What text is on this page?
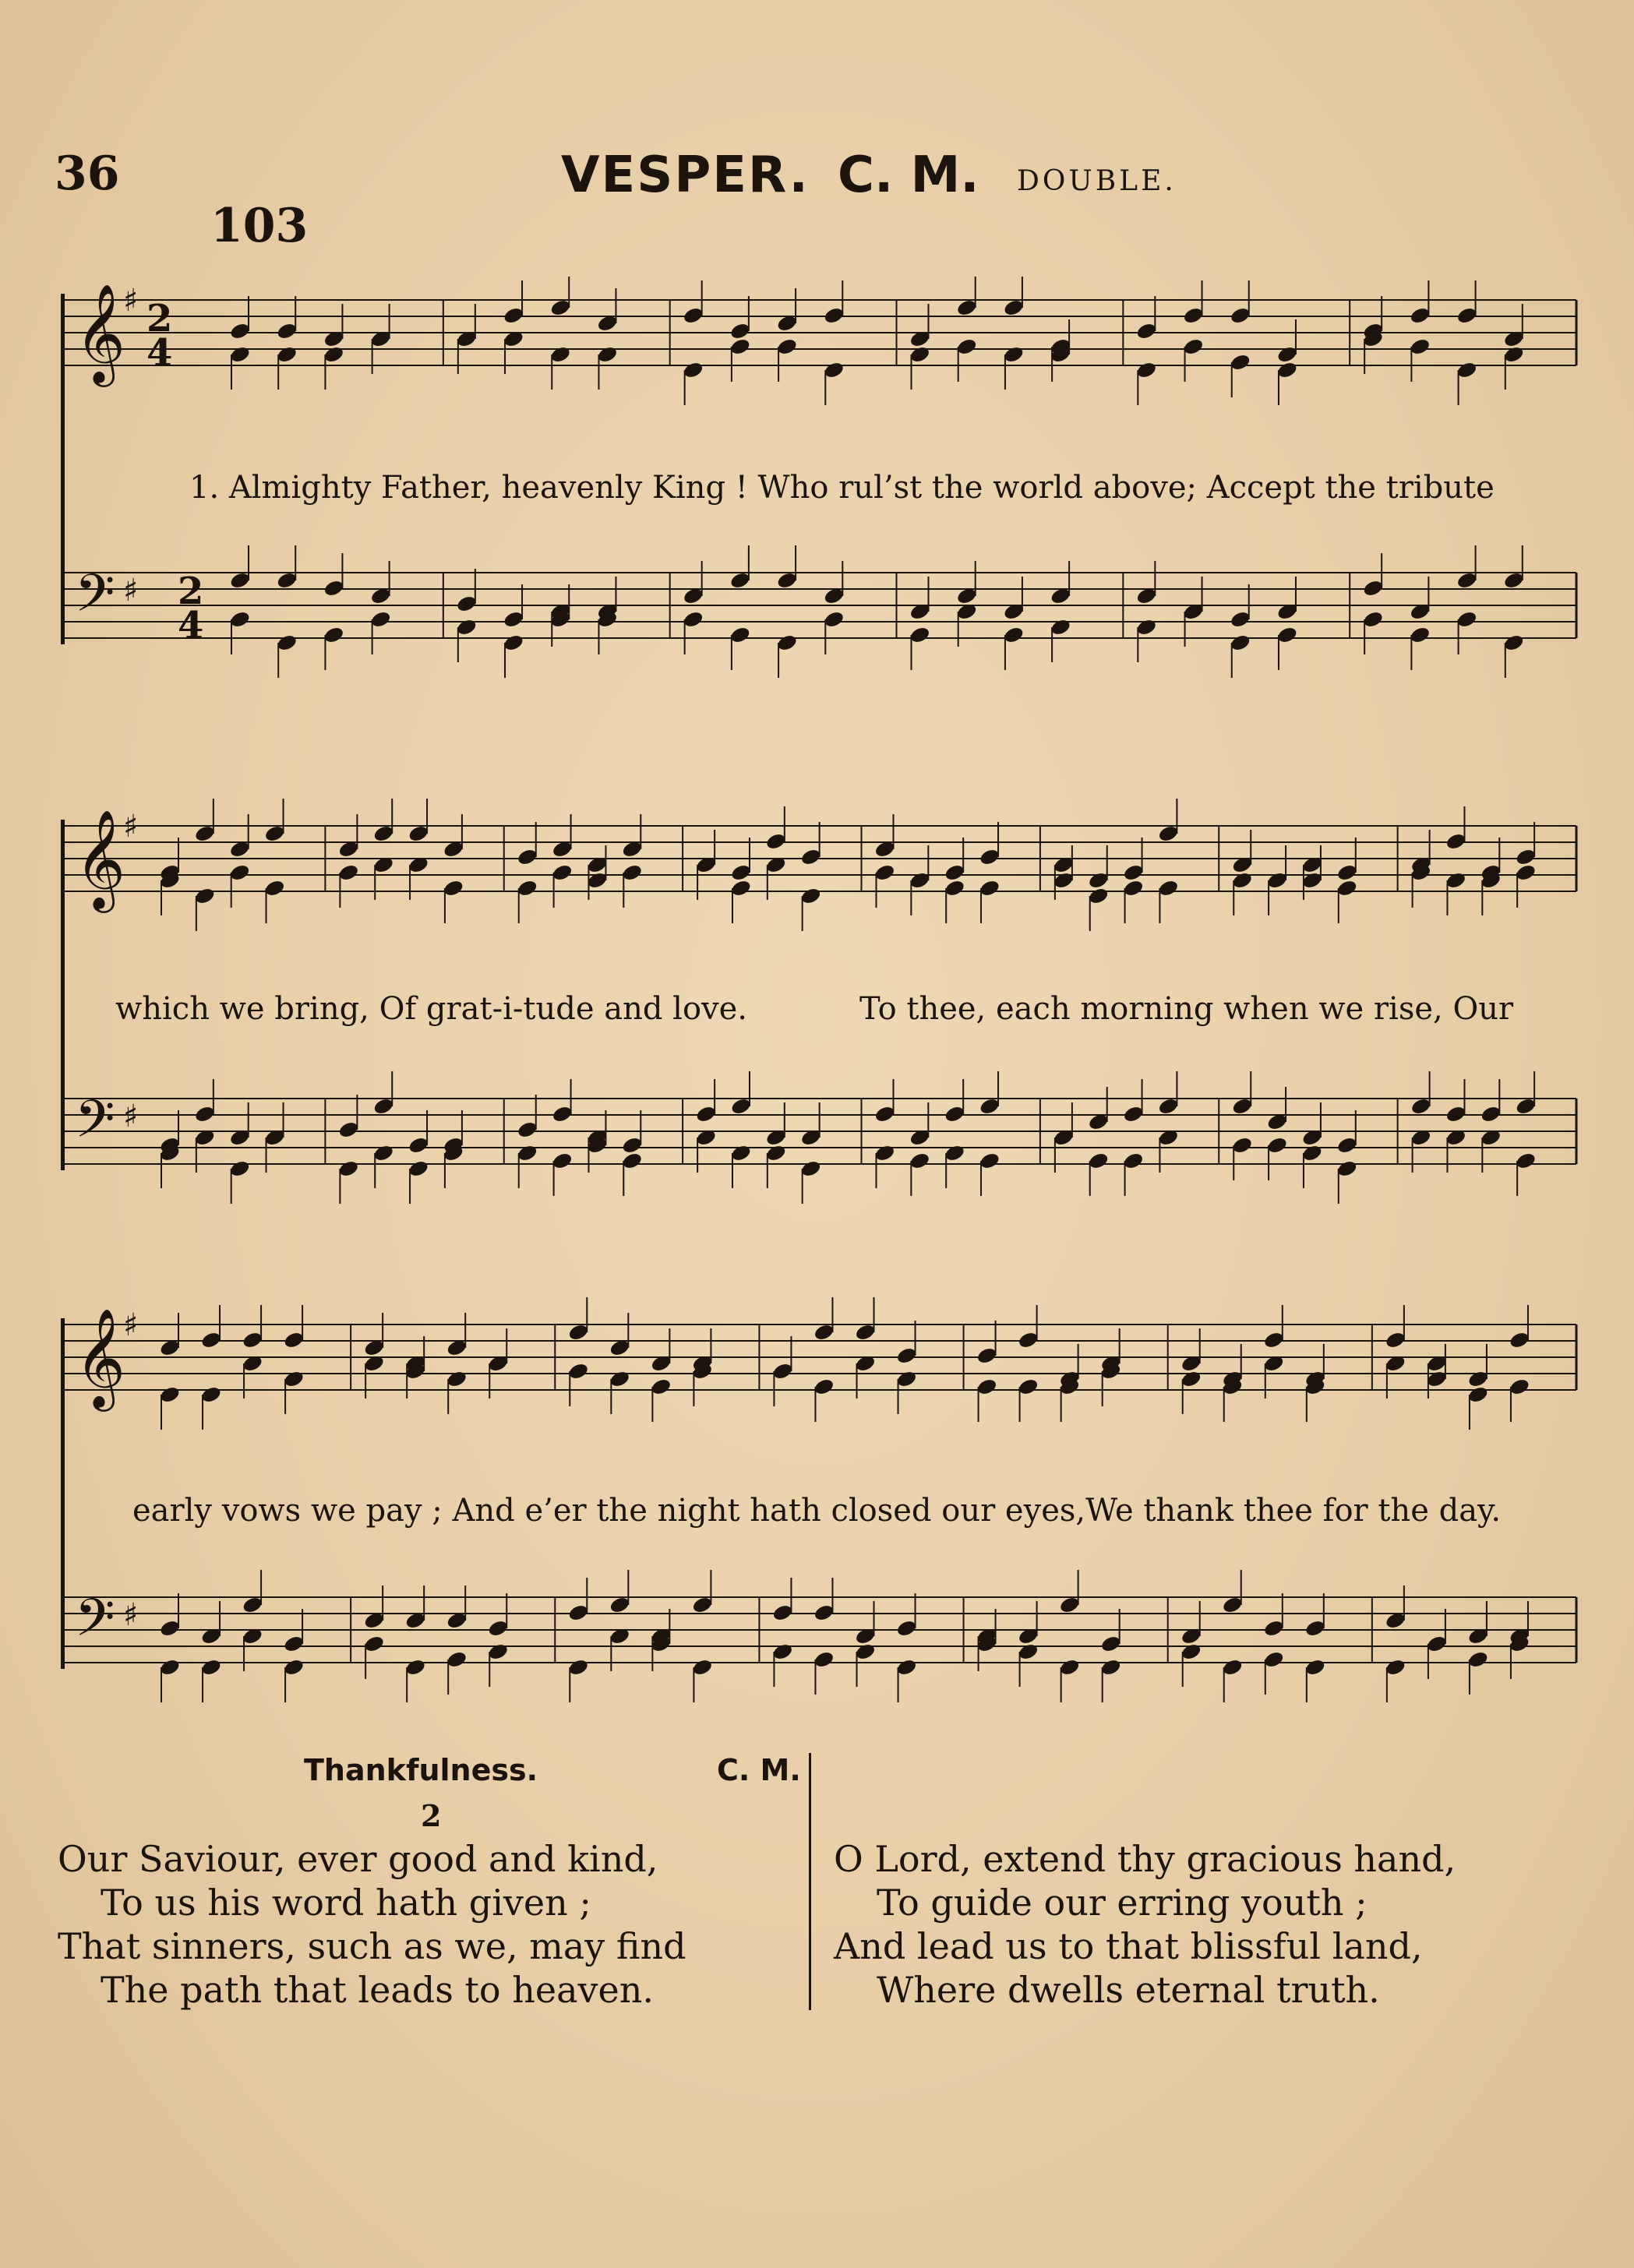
36	VESPER. C. M. DOUBLE.
103
𝄞
𝄢
♯
♯
2
4
2
4
1. Almighty Father, heavenly King ! Who rul’st the world above; Accept the tribute
𝄞
𝄢
♯
♯
which we bring, Of grat-i-tude and love.	To thee, each morning when we rise, Our
𝄞
𝄢
♯
♯
early vows we pay ; And e’er the night hath closed our eyes,We thank thee for the day.
Thankfulness.	C. M.
2
Our Saviour, ever good and kind,
To us his word hath given ;
That sinners, such as we, may find
The path that leads to heaven.
O Lord, extend thy gracious hand,
To guide our erring youth ;
And lead us to that blissful land,
Where dwells eternal truth.
